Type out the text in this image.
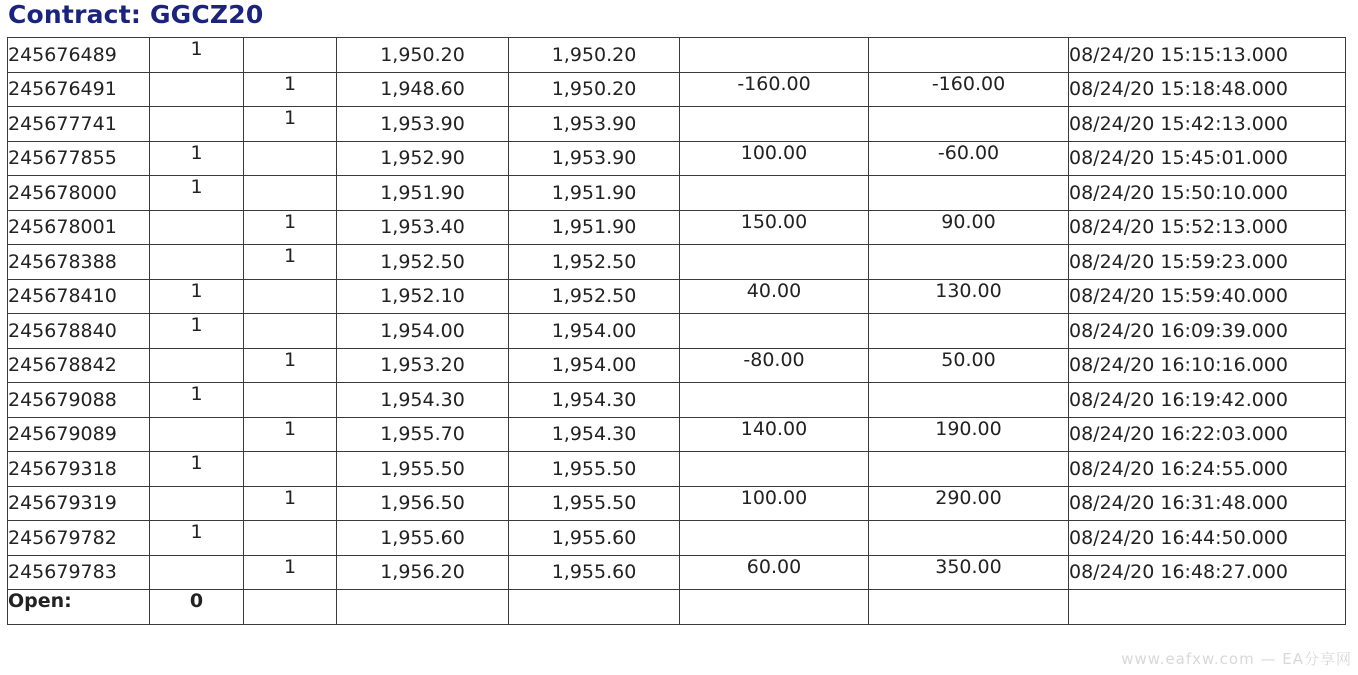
Contract: GGCZ20
245676489	1		1,950.20	1,950.20			08/24/20 15:15:13.000
245676491		1	1,948.60	1,950.20	-160.00	-160.00	08/24/20 15:18:48.000
245677741		1	1,953.90	1,953.90			08/24/20 15:42:13.000
245677855	1		1,952.90	1,953.90	100.00	-60.00	08/24/20 15:45:01.000
245678000	1		1,951.90	1,951.90			08/24/20 15:50:10.000
245678001		1	1,953.40	1,951.90	150.00	90.00	08/24/20 15:52:13.000
245678388		1	1,952.50	1,952.50			08/24/20 15:59:23.000
245678410	1		1,952.10	1,952.50	40.00	130.00	08/24/20 15:59:40.000
245678840	1		1,954.00	1,954.00			08/24/20 16:09:39.000
245678842		1	1,953.20	1,954.00	-80.00	50.00	08/24/20 16:10:16.000
245679088	1		1,954.30	1,954.30			08/24/20 16:19:42.000
245679089		1	1,955.70	1,954.30	140.00	190.00	08/24/20 16:22:03.000
245679318	1		1,955.50	1,955.50			08/24/20 16:24:55.000
245679319		1	1,956.50	1,955.50	100.00	290.00	08/24/20 16:31:48.000
245679782	1		1,955.60	1,955.60			08/24/20 16:44:50.000
245679783		1	1,956.20	1,955.60	60.00	350.00	08/24/20 16:48:27.000
Open:	0						
www.eafxw.com — EA分享网
